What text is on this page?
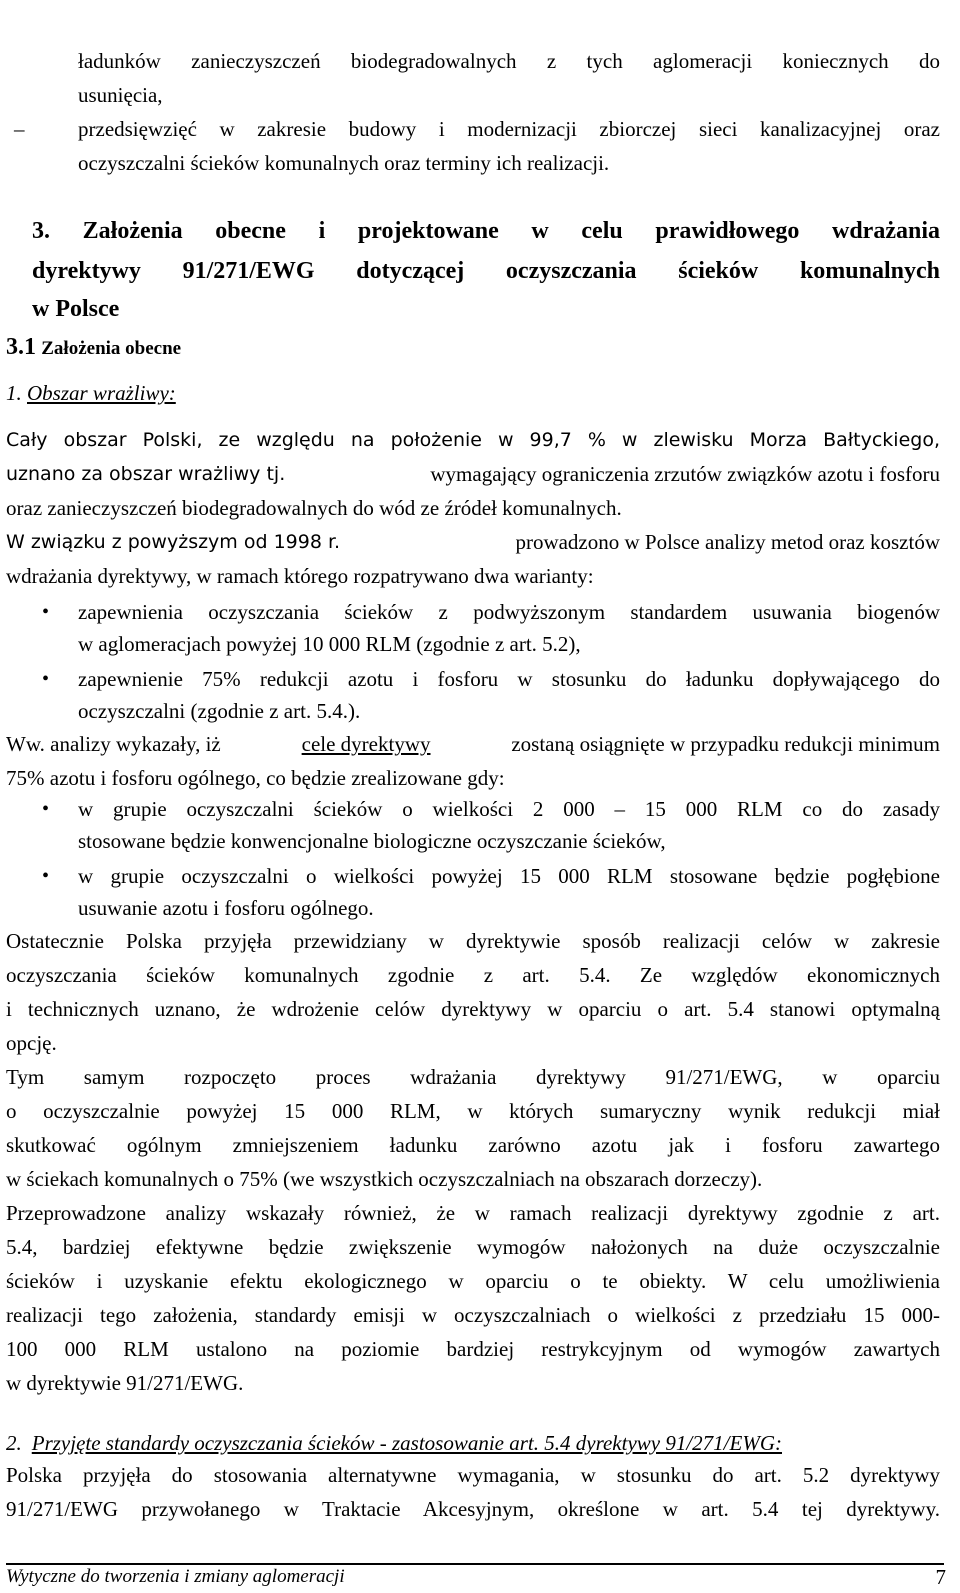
ładunków zanieczyszczeń biodegradowalnych z tych aglomeracji koniecznych do
usunięcia,
–	przedsięwzięć w zakresie budowy i modernizacji zbiorczej sieci kanalizacyjnej oraz
oczyszczalni ścieków komunalnych oraz terminy ich realizacji.
3. Założenia obecne i projektowane w celu prawidłowego wdrażania
dyrektywy 91/271/EWG dotyczącej oczyszczania ścieków komunalnych
w Polsce
3.1 Założenia obecne
1. Obszar wrażliwy:
Cały obszar Polski, ze względu na położenie w 99,7 % w zlewisku Morza Bałtyckiego,
uznano za obszar wrażliwy tj.	wymagający ograniczenia zrzutów związków azotu i fosforu
oraz zanieczyszczeń biodegradowalnych do wód ze źródeł komunalnych.
W związku z powyższym od 1998 r.	prowadzono w Polsce analizy metod oraz kosztów
wdrażania dyrektywy, w ramach którego rozpatrywano dwa warianty:
• zapewnienia oczyszczania ścieków z podwyższonym standardem usuwania biogenów
w aglomeracjach powyżej 10 000 RLM (zgodnie z art. 5.2),
• zapewnienie 75% redukcji azotu i fosforu w stosunku do ładunku dopływającego do
oczyszczalni (zgodnie z art. 5.4.).
Ww. analizy wykazały, iż	cele dyrektywy	zostaną osiągnięte w przypadku redukcji minimum
75% azotu i fosforu ogólnego, co będzie zrealizowane gdy:
• w grupie oczyszczalni ścieków o wielkości 2 000 – 15 000 RLM co do zasady
stosowane będzie konwencjonalne biologiczne oczyszczanie ścieków,
• w grupie oczyszczalni o wielkości powyżej 15 000 RLM stosowane będzie pogłębione
usuwanie azotu i fosforu ogólnego.
Ostatecznie Polska przyjęła przewidziany w dyrektywie sposób realizacji celów w zakresie
oczyszczania ścieków komunalnych zgodnie z art. 5.4. Ze względów ekonomicznych
i technicznych uznano, że wdrożenie celów dyrektywy w oparciu o art. 5.4 stanowi optymalną
opcję.
Tym samym rozpoczęto proces wdrażania dyrektywy 91/271/EWG, w oparciu
o oczyszczalnie powyżej 15 000 RLM, w których sumaryczny wynik redukcji miał
skutkować ogólnym zmniejszeniem ładunku zarówno azotu jak i fosforu zawartego
w ściekach komunalnych o 75% (we wszystkich oczyszczalniach na obszarach dorzeczy).
Przeprowadzone analizy wskazały również, że w ramach realizacji dyrektywy zgodnie z art.
5.4, bardziej efektywne będzie zwiększenie wymogów nałożonych na duże oczyszczalnie
ścieków i uzyskanie efektu ekologicznego w oparciu o te obiekty. W celu umożliwienia
realizacji tego założenia, standardy emisji w oczyszczalniach o wielkości z przedziału 15 000-
100 000 RLM ustalono na poziomie bardziej restrykcyjnym od wymogów zawartych
w dyrektywie 91/271/EWG.
2. Przyjęte standardy oczyszczania ścieków - zastosowanie art. 5.4 dyrektywy 91/271/EWG:
Polska przyjęła do stosowania alternatywne wymagania, w stosunku do art. 5.2 dyrektywy
91/271/EWG przywołanego w Traktacie Akcesyjnym, określone w art. 5.4 tej dyrektywy.
Wytyczne do tworzenia i zmiany aglomeracji	7
